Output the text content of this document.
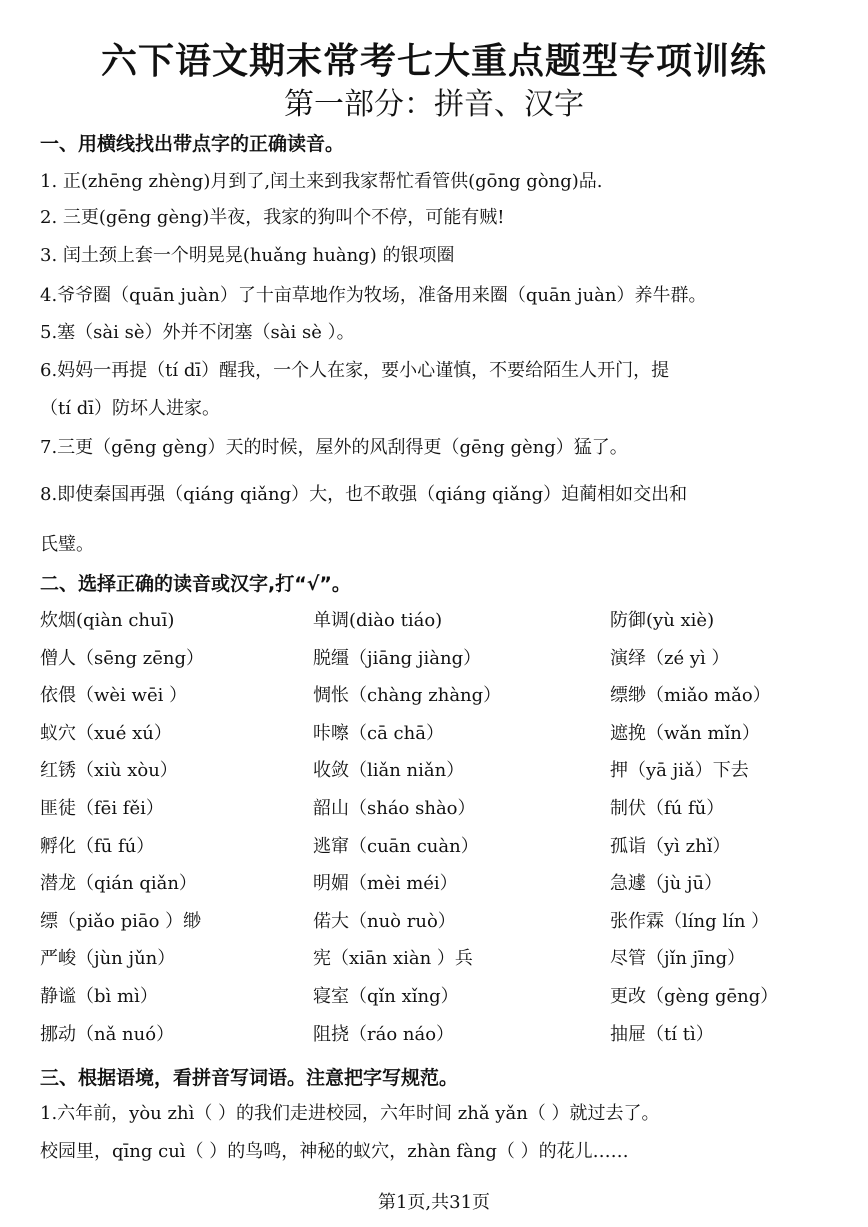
六下语文期末常考七大重点题型专项训练
第一部分：拼音、汉字
一、用横线找出带点字的正确读音。
1. 正(zhēng zhèng)月到了,闰土来到我家帮忙看管供(gōng gòng)品.
2. 三更(gēng gèng)半夜，我家的狗叫个不停，可能有贼!
3. 闰土颈上套一个明晃晃(huǎng huàng) 的银项圈
4.爷爷圈（quān juàn）了十亩草地作为牧场，准备用来圈（quān juàn）养牛群。
5.塞（sài sè）外并不闭塞（sài sè ）。
6.妈妈一再提（tí dī）醒我，一个人在家，要小心谨慎，不要给陌生人开门，提
（tí dī）防坏人进家。
7.三更（gēng gèng）天的时候，屋外的风刮得更（gēng gèng）猛了。
8.即使秦国再强（qiáng qiǎng）大，也不敢强（qiáng qiǎng）迫蔺相如交出和
氏璧。
二、选择正确的读音或汉字,打“√”。
炊烟(qiàn chuī)	单调(diào tiáo)	防御(yù xiè)
僧人（sēng zēng）	脱缰（jiāng jiàng）	演绎（zé yì ）
依偎（wèi wēi ）	惆怅（chàng zhàng）	缥缈（miǎo mǎo）
蚁穴（xué xú）	咔嚓（cā chā）	遮挽（wǎn mǐn）
红锈（xiù xòu）	收敛（liǎn niǎn）	押（yā jiǎ）下去
匪徒（fēi fěi）	韶山（sháo shào）	制伏（fú fǔ）
孵化（fū fú）	逃窜（cuān cuàn）	孤诣（yì zhǐ）
潜龙（qián qiǎn）	明媚（mèi méi）	急遽（jù jū）
缥（piǎo piāo ）缈	偌大（nuò ruò）	张作霖（líng lín ）
严峻（jùn jǔn）	宪（xiān xiàn ）兵	尽管（jǐn jīng）
静谧（bì mì）	寝室（qǐn xǐng）	更改（gèng gēng）
挪动（nǎ nuó）	阻挠（ráo náo）	抽屉（tí tì）
三、根据语境，看拼音写词语。注意把字写规范。
1.六年前，yòu zhì（ ）的我们走进校园，六年时间 zhǎ yǎn（ ）就过去了。
校园里，qīng cuì（ ）的鸟鸣，神秘的蚁穴，zhàn fàng（ ）的花儿……
第1页,共31页
